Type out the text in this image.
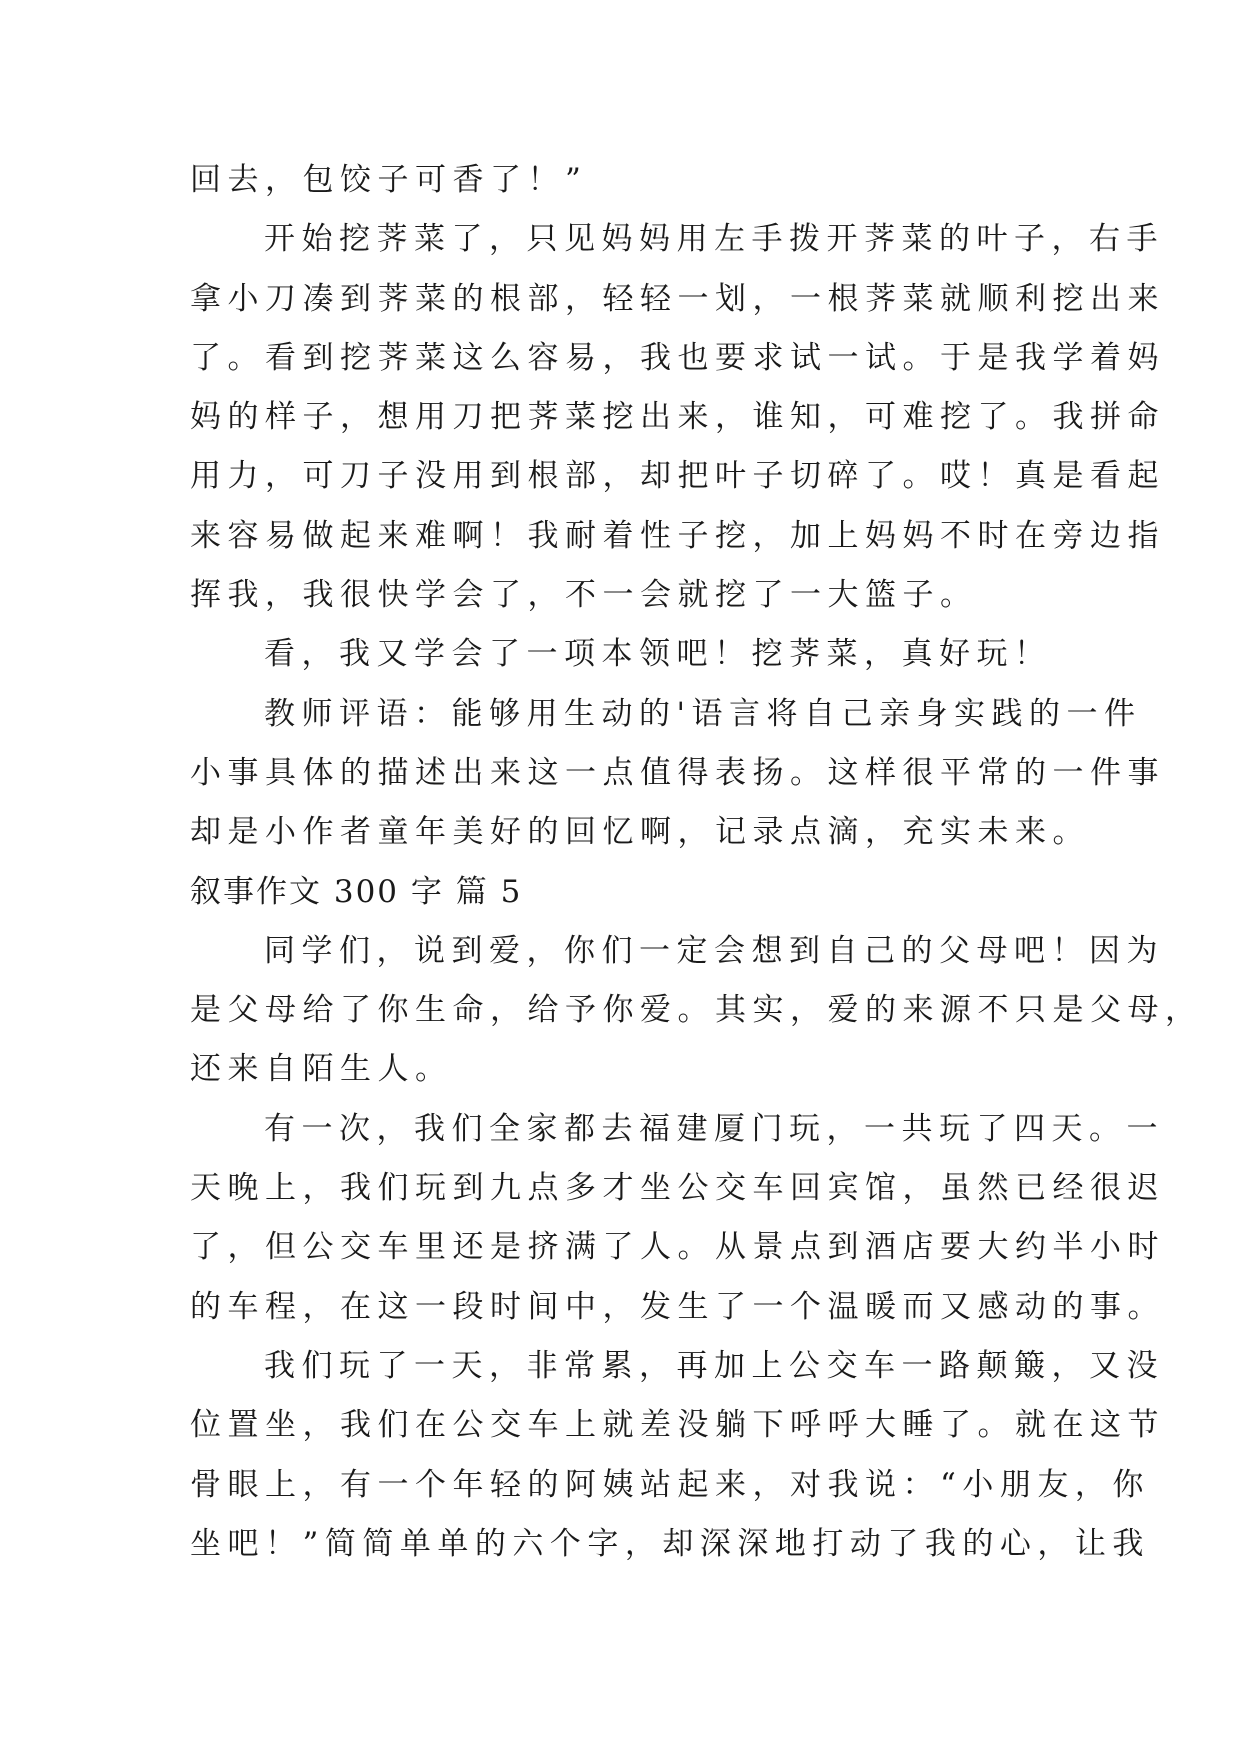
回去，包饺子可香了！”
开始挖荠菜了，只见妈妈用左手拨开荠菜的叶子，右手
拿小刀凑到荠菜的根部，轻轻一划，一根荠菜就顺利挖出来
了。看到挖荠菜这么容易，我也要求试一试。于是我学着妈
妈的样子，想用刀把荠菜挖出来，谁知，可难挖了。我拼命
用力，可刀子没用到根部，却把叶子切碎了。哎！真是看起
来容易做起来难啊！我耐着性子挖，加上妈妈不时在旁边指
挥我，我很快学会了，不一会就挖了一大篮子。
看，我又学会了一项本领吧！挖荠菜，真好玩！
教师评语：能够用生动的'语言将自己亲身实践的一件
小事具体的描述出来这一点值得表扬。这样很平常的一件事
却是小作者童年美好的回忆啊，记录点滴，充实未来。
叙事作文 300 字 篇 5
同学们，说到爱，你们一定会想到自己的父母吧！因为
是父母给了你生命，给予你爱。其实，爱的来源不只是父母，
还来自陌生人。
有一次，我们全家都去福建厦门玩，一共玩了四天。一
天晚上，我们玩到九点多才坐公交车回宾馆，虽然已经很迟
了，但公交车里还是挤满了人。从景点到酒店要大约半小时
的车程，在这一段时间中，发生了一个温暖而又感动的事。
我们玩了一天，非常累，再加上公交车一路颠簸，又没
位置坐，我们在公交车上就差没躺下呼呼大睡了。就在这节
骨眼上，有一个年轻的阿姨站起来，对我说：“小朋友，你
坐吧！”简简单单的六个字，却深深地打动了我的心，让我
